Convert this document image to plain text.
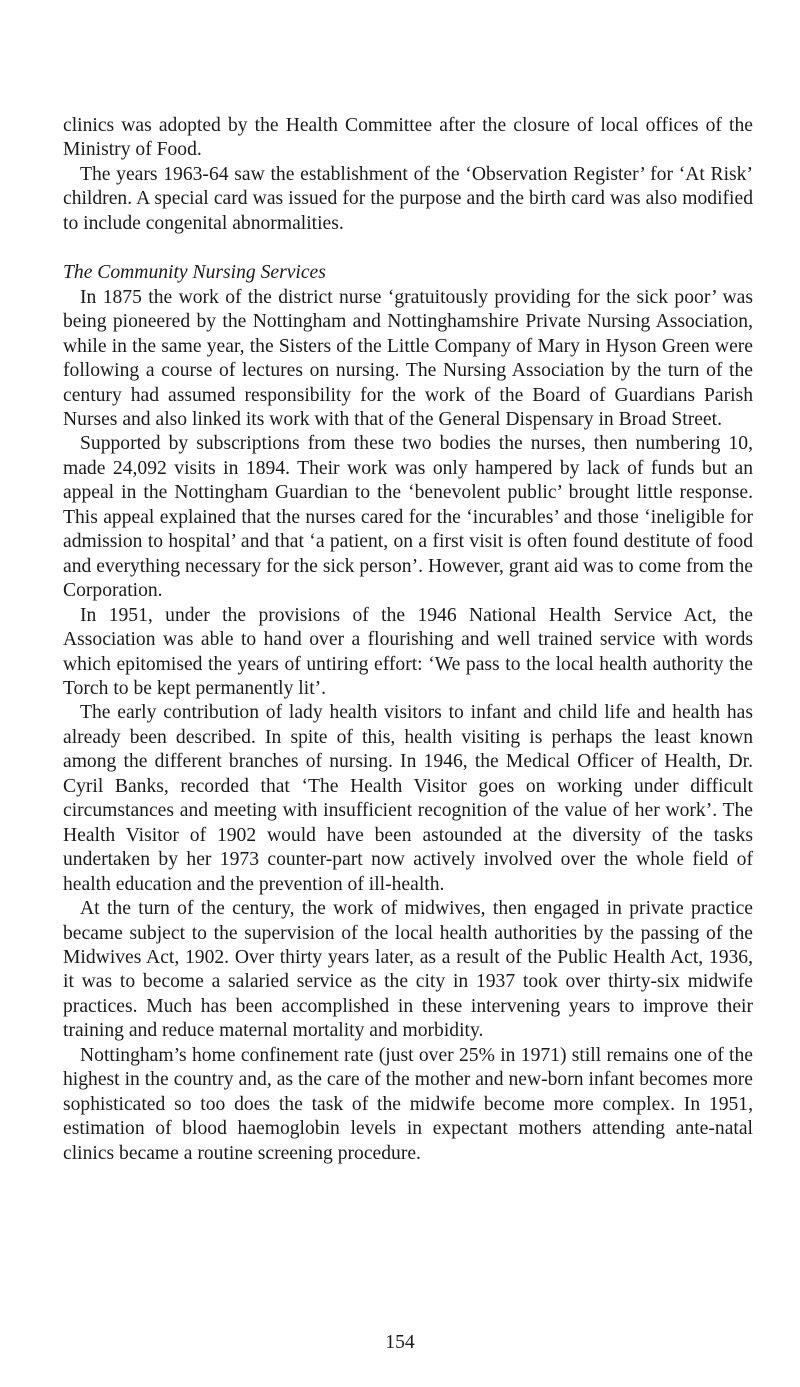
clinics was adopted by the Health Committee after the closure of local offices of the Ministry of Food.

The years 1963-64 saw the establishment of the ‘Observation Register’ for ‘At Risk’ children. A special card was issued for the purpose and the birth card was also modified to include congenital abnormalities.

The Community Nursing Services

In 1875 the work of the district nurse ‘gratuitously providing for the sick poor’ was being pioneered by the Nottingham and Nottinghamshire Private Nursing Association, while in the same year, the Sisters of the Little Company of Mary in Hyson Green were following a course of lectures on nursing. The Nursing Association by the turn of the century had assumed responsibility for the work of the Board of Guardians Parish Nurses and also linked its work with that of the General Dispensary in Broad Street.

Supported by subscriptions from these two bodies the nurses, then numbering 10, made 24,092 visits in 1894. Their work was only hampered by lack of funds but an appeal in the Nottingham Guardian to the ‘benevolent public’ brought little response. This appeal explained that the nurses cared for the ‘incurables’ and those ‘ineligible for admission to hospital’ and that ‘a patient, on a first visit is often found destitute of food and everything necessary for the sick person’. However, grant aid was to come from the Corporation.

In 1951, under the provisions of the 1946 National Health Service Act, the Association was able to hand over a flourishing and well trained service with words which epitomised the years of untiring effort: ‘We pass to the local health authority the Torch to be kept permanently lit’.

The early contribution of lady health visitors to infant and child life and health has already been described. In spite of this, health visiting is perhaps the least known among the different branches of nursing. In 1946, the Medical Officer of Health, Dr. Cyril Banks, recorded that ‘The Health Visitor goes on working under difficult circumstances and meeting with insufficient recognition of the value of her work’. The Health Visitor of 1902 would have been astounded at the diversity of the tasks undertaken by her 1973 counter-part now actively involved over the whole field of health education and the prevention of ill-health.

At the turn of the century, the work of midwives, then engaged in private practice became subject to the supervision of the local health authorities by the passing of the Midwives Act, 1902. Over thirty years later, as a result of the Public Health Act, 1936, it was to become a salaried service as the city in 1937 took over thirty-six midwife practices. Much has been accomplished in these intervening years to improve their training and reduce maternal mortality and morbidity.

Nottingham’s home confinement rate (just over 25% in 1971) still remains one of the highest in the country and, as the care of the mother and new-born infant becomes more sophisticated so too does the task of the midwife become more complex. In 1951, estimation of blood haemoglobin levels in expectant mothers attending ante-natal clinics became a routine screening procedure.

154
